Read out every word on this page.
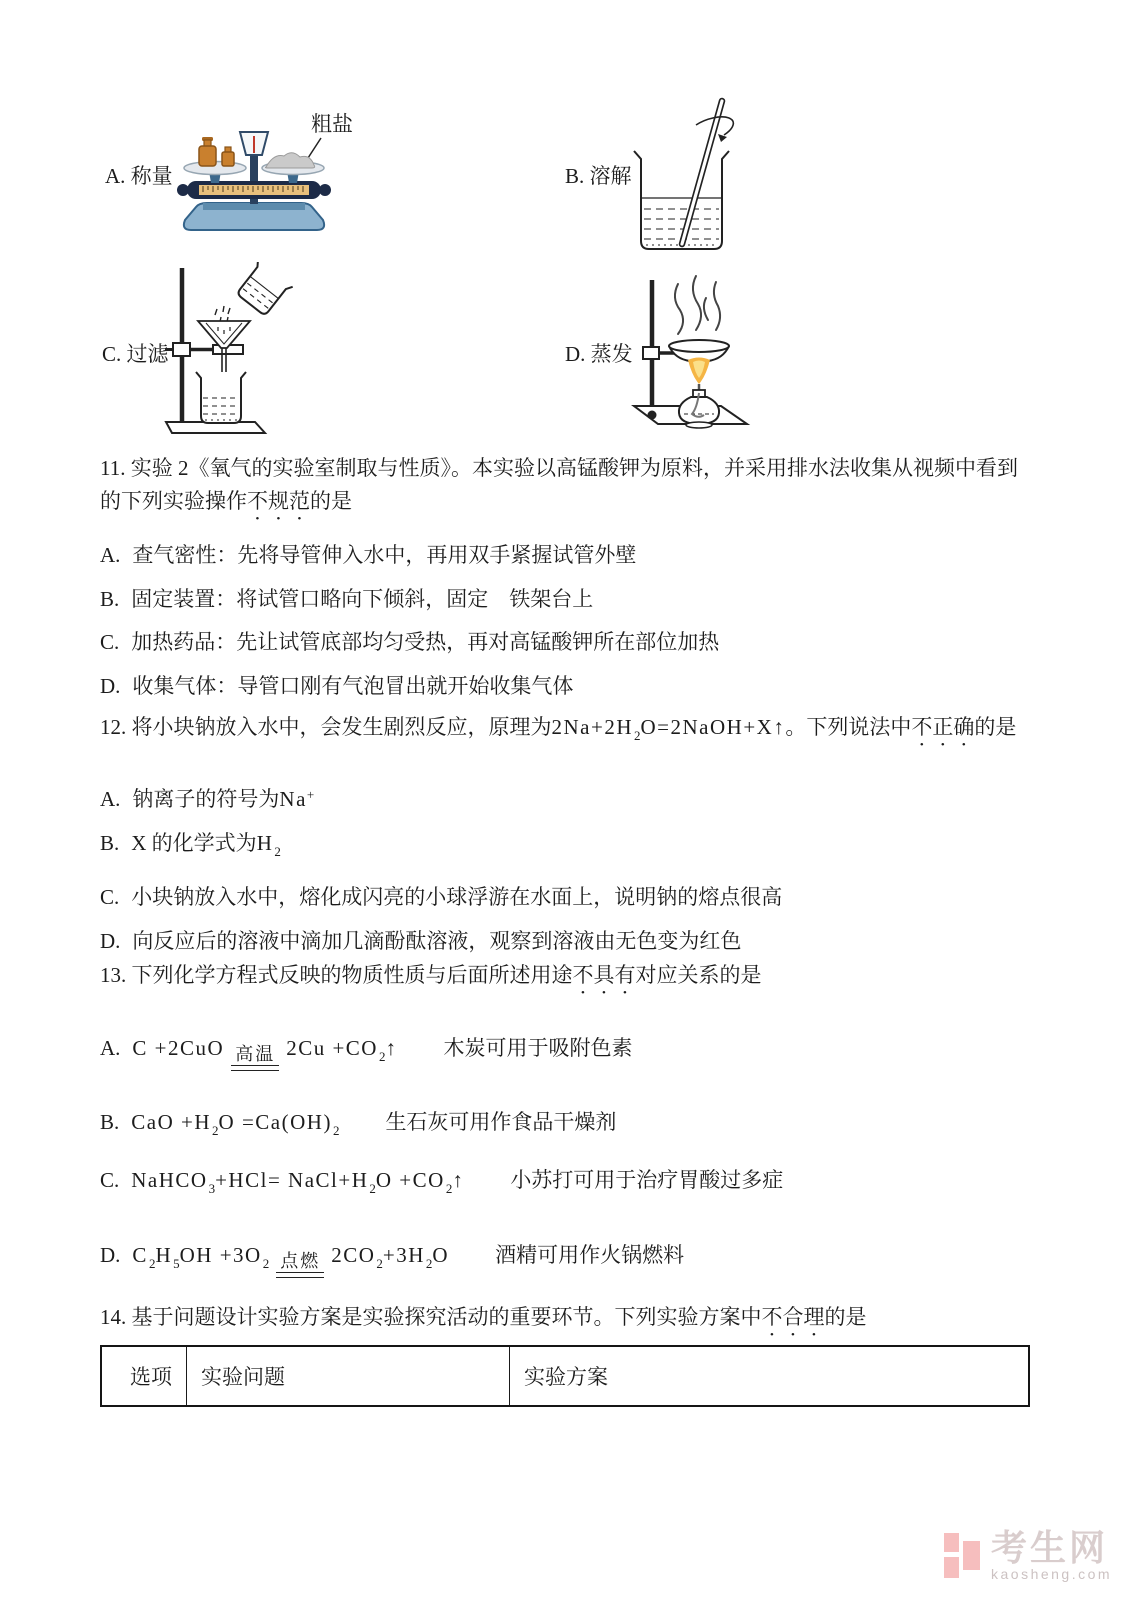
A. 称量
粗盐
B. 溶解
C. 过滤	D. 蒸发
11. 实验 2《氧气的实验室制取与性质》。本实验以高锰酸钾为原料，并采用排水法收集从视频中看到的下列实验操作不规范的是
A. 查气密性：先将导管伸入水中，再用双手紧握试管外壁
B. 固定装置：将试管口略向下倾斜，固定　铁架台上
C. 加热药品：先让试管底部均匀受热，再对高锰酸钾所在部位加热
D. 收集气体：导管口刚有气泡冒出就开始收集气体
12. 将小块钠放入水中，会发生剧烈反应，原理为$2Na+2H_2O=2NaOH+X↑$。下列说法中不正确的是
A. 钠离子的符号为Na+
B. X 的化学式为$H_2$
C. 小块钠放入水中，熔化成闪亮的小球浮游在水面上，说明钠的熔点很高
D. 向反应后的溶液中滴加几滴酚酞溶液，观察到溶液由无色变为红色
13. 下列化学方程式反映的物质性质与后面所述用途不具有对应关系的是
A. C +2CuO 高温 $2Cu +CO_2↑$ 木炭可用于吸附色素
B. CaO $+H_2O =Ca(OH)_2$ 生石灰可用作食品干燥剂
C. NaHCO$_3$+HCl= $NaCl+H_2O$ $+CO_2↑$ 小苏打可用于治疗胃酸过多症
D. $C_2H_5OH +3O_2$ 点燃 $2CO_2+3H_2O$ 酒精可用作火锅燃料
14. 基于问题设计实验方案是实验探究活动的重要环节。下列实验方案中不合理的是
选项	实验问题	实验方案
考生网
kaosheng.com
